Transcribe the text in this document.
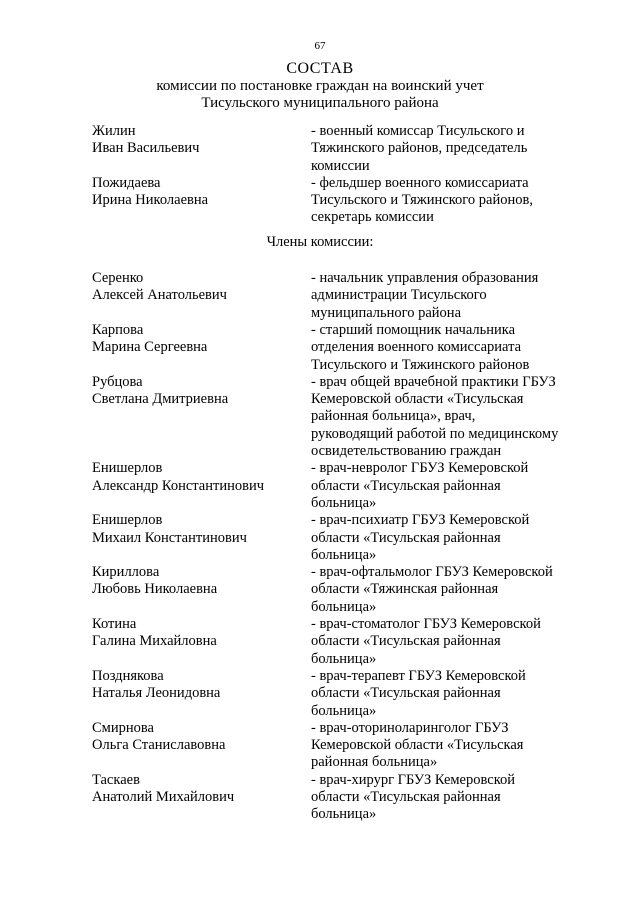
67
СОСТАВ
комиссии по постановке граждан на воинский учет
Тисульского муниципального района
Жилин
Иван Васильевич
- военный комиссар Тисульского и
Тяжинского районов, председатель
комиссии
Пожидаева
Ирина Николаевна
- фельдшер военного комиссариата
Тисульского и Тяжинского районов,
секретарь комиссии
Члены комиссии:
Серенко
Алексей Анатольевич
- начальник управления образования
администрации Тисульского
муниципального района
Карпова
Марина Сергеевна
- старший помощник начальника
отделения военного комиссариата
Тисульского и Тяжинского районов
Рубцова
Светлана Дмитриевна
- врач общей врачебной практики ГБУЗ
Кемеровской области «Тисульская
районная больница», врач,
руководящий работой по медицинскому
освидетельствованию граждан
Енишерлов
Александр Константинович
- врач-невролог ГБУЗ Кемеровской
области «Тисульская районная
больница»
Енишерлов
Михаил Константинович
- врач-психиатр ГБУЗ Кемеровской
области «Тисульская районная
больница»
Кириллова
Любовь Николаевна
- врач-офтальмолог ГБУЗ Кемеровской
области «Тяжинская районная
больница»
Котина
Галина Михайловна
- врач-стоматолог ГБУЗ Кемеровской
области «Тисульская районная
больница»
Позднякова
Наталья Леонидовна
- врач-терапевт ГБУЗ Кемеровской
области «Тисульская районная
больница»
Смирнова
Ольга Станиславовна
- врач-оториноларинголог ГБУЗ
Кемеровской области «Тисульская
районная больница»
Таскаев
Анатолий Михайлович
- врач-хирург ГБУЗ Кемеровской
области «Тисульская районная
больница»
